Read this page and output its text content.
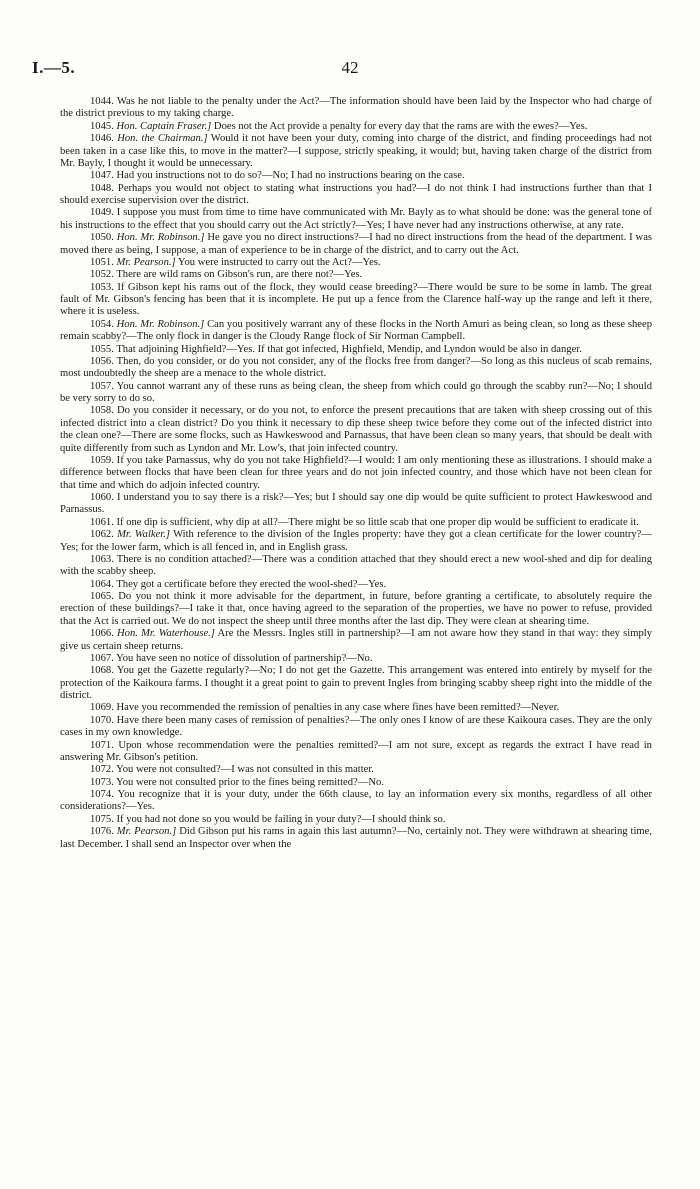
I.—5.	42

1044. Was he not liable to the penalty under the Act?—The information should have been laid by the Inspector who had charge of the district previous to my taking charge.

1045. Hon. Captain Fraser.] Does not the Act provide a penalty for every day that the rams are with the ewes?—Yes.

1046. Hon. the Chairman.] Would it not have been your duty, coming into charge of the district, and finding proceedings had not been taken in a case like this, to move in the matter?—I suppose, strictly speaking, it would; but, having taken charge of the district from Mr. Bayly, I thought it would be unnecessary.

1047. Had you instructions not to do so?—No; I had no instructions bearing on the case.

1048. Perhaps you would not object to stating what instructions you had?—I do not think I had instructions further than that I should exercise supervision over the district.

1049. I suppose you must from time to time have communicated with Mr. Bayly as to what should be done: was the general tone of his instructions to the effect that you should carry out the Act strictly?—Yes; I have never had any instructions otherwise, at any rate.

1050. Hon. Mr. Robinson.] He gave you no direct instructions?—I had no direct instructions from the head of the department. I was moved there as being, I suppose, a man of experience to be in charge of the district, and to carry out the Act.

1051. Mr. Pearson.] You were instructed to carry out the Act?—Yes.

1052. There are wild rams on Gibson's run, are there not?—Yes.

1053. If Gibson kept his rams out of the flock, they would cease breeding?—There would be sure to be some in lamb. The great fault of Mr. Gibson's fencing has been that it is incomplete. He put up a fence from the Clarence half-way up the range and left it there, where it is useless.

1054. Hon. Mr. Robinson.] Can you positively warrant any of these flocks in the North Amuri as being clean, so long as these sheep remain scabby?—The only flock in danger is the Cloudy Range flock of Sir Norman Campbell.

1055. That adjoining Highfield?—Yes. If that got infected, Highfield, Mendip, and Lyndon would be also in danger.

1056. Then, do you consider, or do you not consider, any of the flocks free from danger?—So long as this nucleus of scab remains, most undoubtedly the sheep are a menace to the whole district.

1057. You cannot warrant any of these runs as being clean, the sheep from which could go through the scabby run?—No; I should be very sorry to do so.

1058. Do you consider it necessary, or do you not, to enforce the present precautions that are taken with sheep crossing out of this infected district into a clean district? Do you think it necessary to dip these sheep twice before they come out of the infected district into the clean one?—There are some flocks, such as Hawkeswood and Parnassus, that have been clean so many years, that should be dealt with quite differently from such as Lyndon and Mr. Low's, that join infected country.

1059. If you take Parnassus, why do you not take Highfield?—I would: I am only mentioning these as illustrations. I should make a difference between flocks that have been clean for three years and do not join infected country, and those which have not been clean for that time and which do adjoin infected country.

1060. I understand you to say there is a risk?—Yes; but I should say one dip would be quite sufficient to protect Hawkeswood and Parnassus.

1061. If one dip is sufficient, why dip at all?—There might be so little scab that one proper dip would be sufficient to eradicate it.

1062. Mr. Walker.] With reference to the division of the Ingles property: have they got a clean certificate for the lower country?—Yes; for the lower farm, which is all fenced in, and in English grass.

1063. There is no condition attached?—There was a condition attached that they should erect a new wool-shed and dip for dealing with the scabby sheep.

1064. They got a certificate before they erected the wool-shed?—Yes.

1065. Do you not think it more advisable for the department, in future, before granting a certificate, to absolutely require the erection of these buildings?—I take it that, once having agreed to the separation of the properties, we have no power to refuse, provided that the Act is carried out. We do not inspect the sheep until three months after the last dip. They were clean at shearing time.

1066. Hon. Mr. Waterhouse.] Are the Messrs. Ingles still in partnership?—I am not aware how they stand in that way: they simply give us certain sheep returns.

1067. You have seen no notice of dissolution of partnership?—No.

1068. You get the Gazette regularly?—No; I do not get the Gazette. This arrangement was entered into entirely by myself for the protection of the Kaikoura farms. I thought it a great point to gain to prevent Ingles from bringing scabby sheep right into the middle of the district.

1069. Have you recommended the remission of penalties in any case where fines have been remitted?—Never.

1070. Have there been many cases of remission of penalties?—The only ones I know of are these Kaikoura cases. They are the only cases in my own knowledge.

1071. Upon whose recommendation were the penalties remitted?—I am not sure, except as regards the extract I have read in answering Mr. Gibson's petition.

1072. You were not consulted?—I was not consulted in this matter.

1073. You were not consulted prior to the fines being remitted?—No.

1074. You recognize that it is your duty, under the 66th clause, to lay an information every six months, regardless of all other considerations?—Yes.

1075. If you had not done so you would be failing in your duty?—I should think so.

1076. Mr. Pearson.] Did Gibson put his rams in again this last autumn?—No, certainly not. They were withdrawn at shearing time, last December. I shall send an Inspector over when the
